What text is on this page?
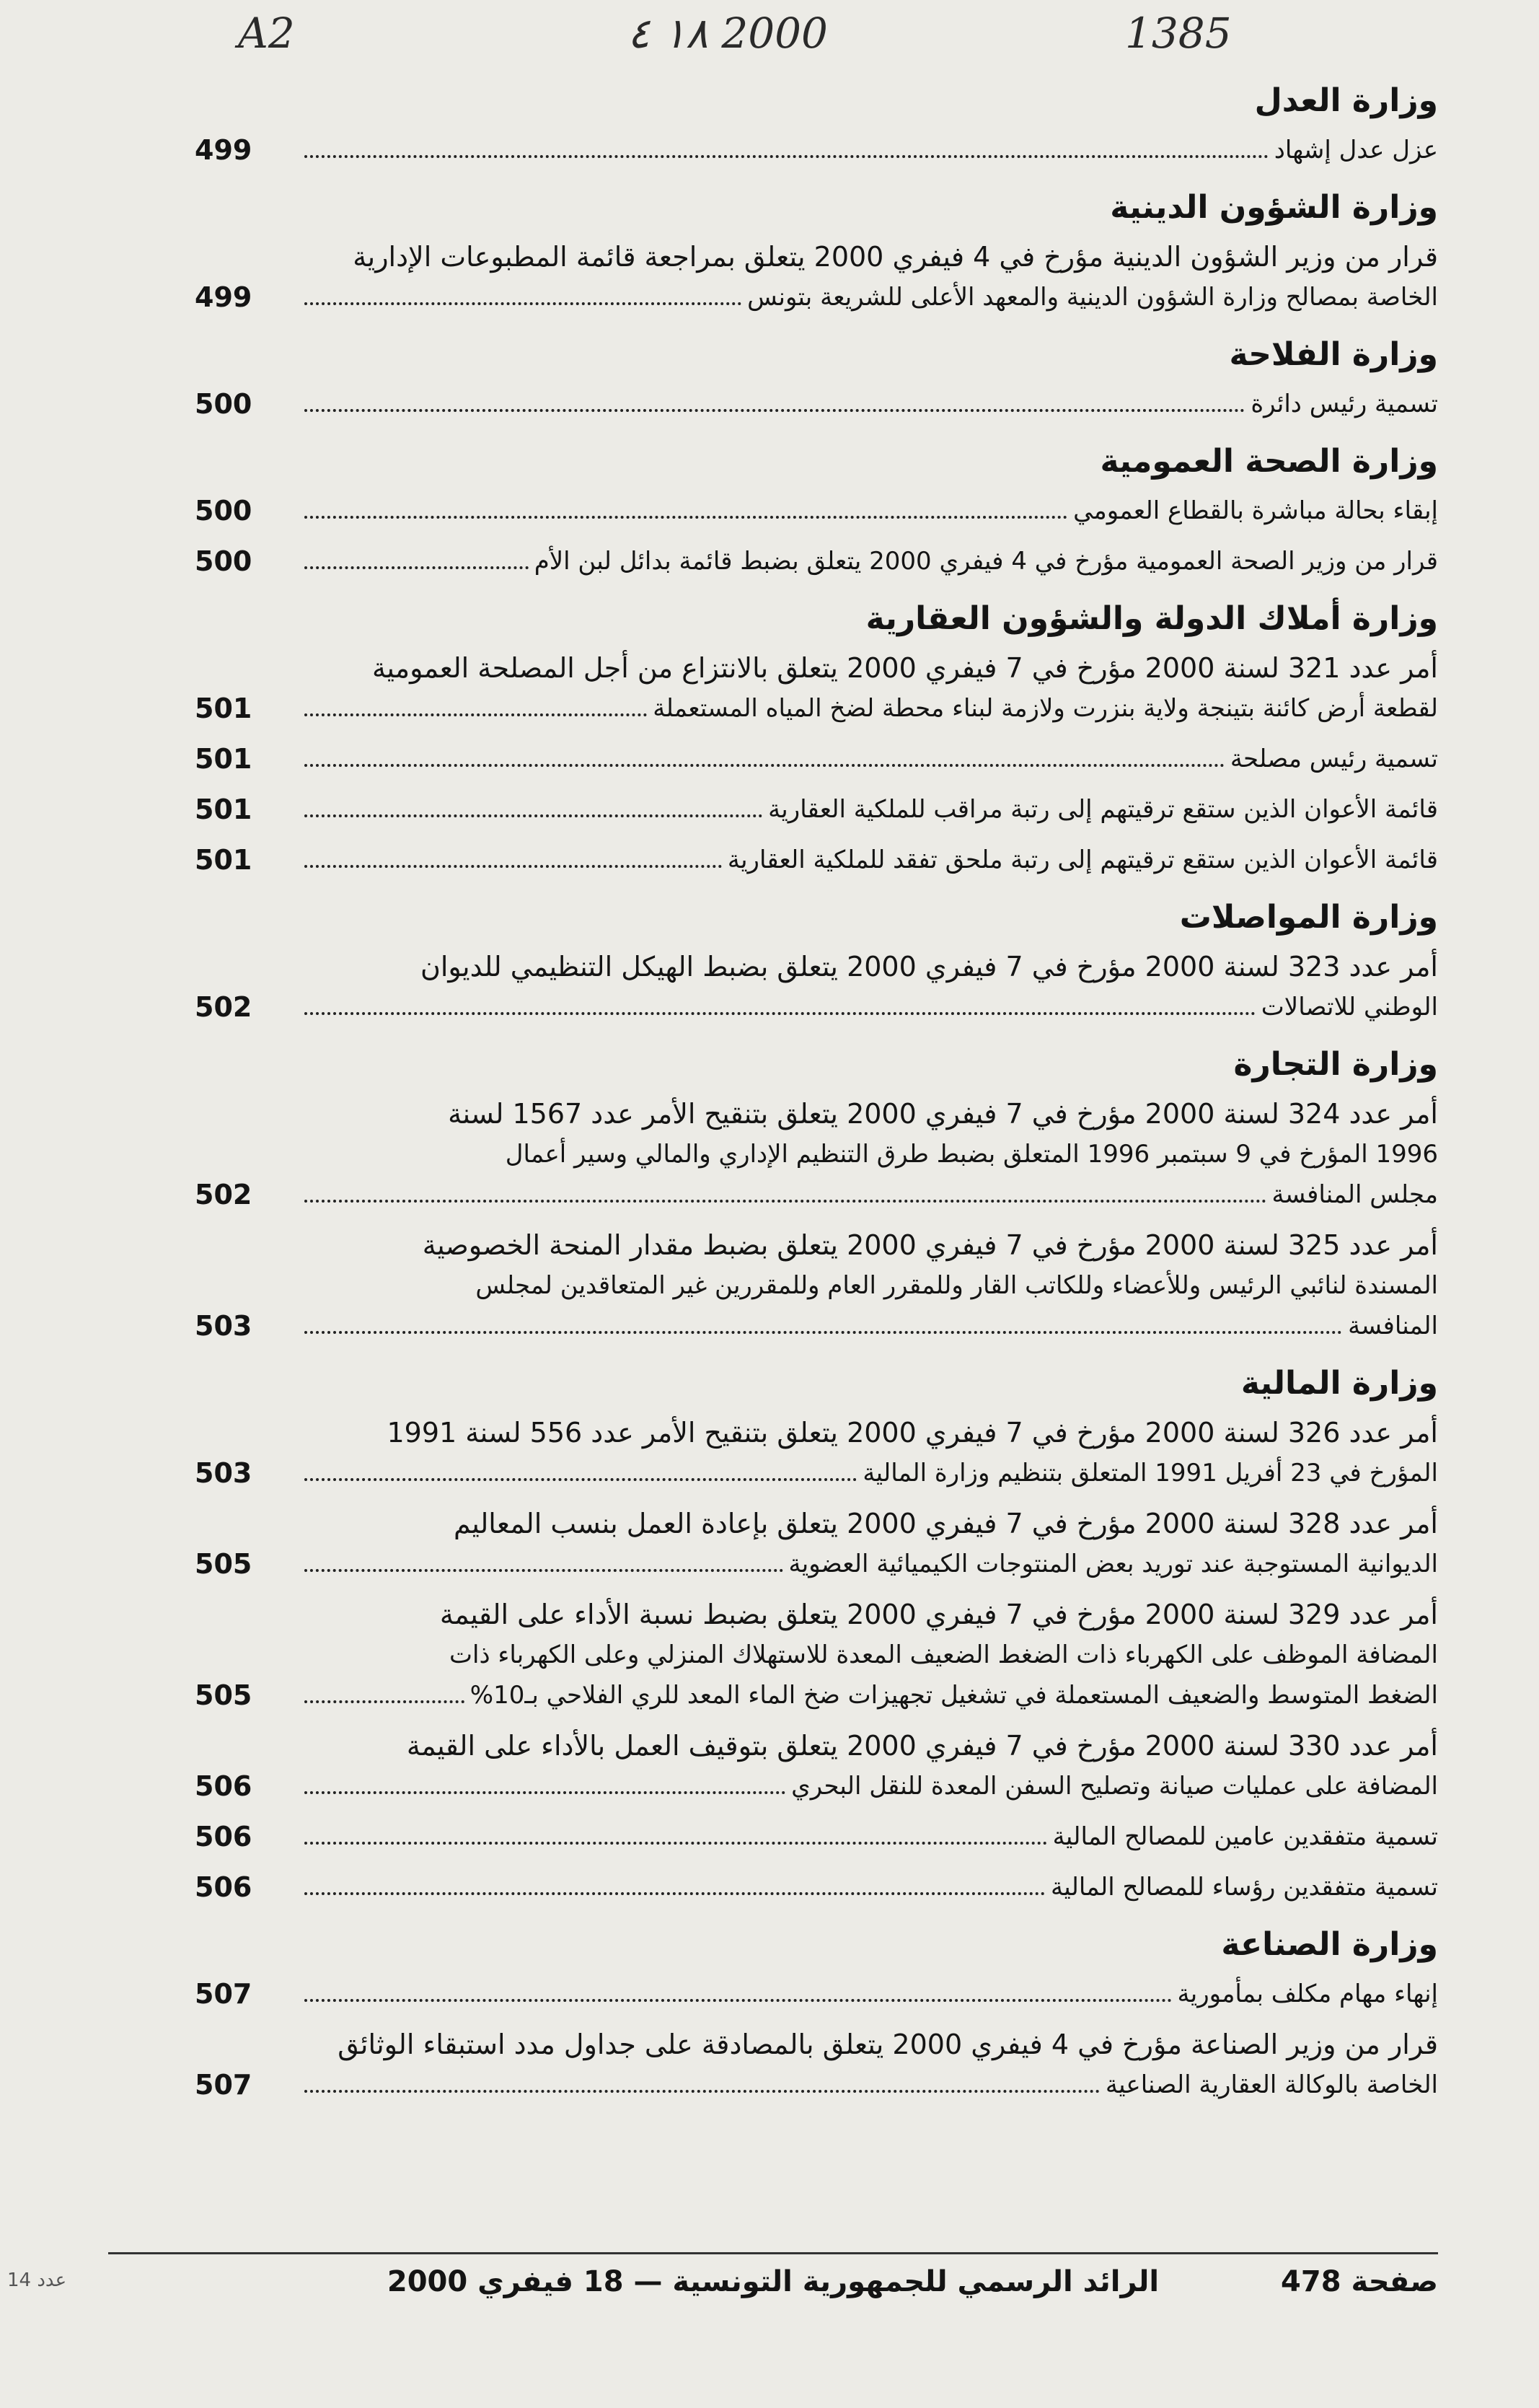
A2	١٨ ٤ 2000	1385
وزارة العدل

عزل عدل إشهاد

499
وزارة الشؤون الدينية

قرار من وزير الشؤون الدينية مؤرخ في 4 فيفري 2000 يتعلق بمراجعة قائمة المطبوعات الإدارية

الخاصة بمصالح وزارة الشؤون الدينية والمعهد الأعلى للشريعة بتونس

499
وزارة الفلاحة

تسمية رئيس دائرة

500
وزارة الصحة العمومية

إبقاء بحالة مباشرة بالقطاع العمومي

500

قرار من وزير الصحة العمومية مؤرخ في 4 فيفري 2000 يتعلق بضبط قائمة بدائل لبن الأم

500
وزارة أملاك الدولة والشؤون العقارية

أمر عدد 321 لسنة 2000 مؤرخ في 7 فيفري 2000 يتعلق بالانتزاع من أجل المصلحة العمومية

لقطعة أرض كائنة بتينجة ولاية بنزرت ولازمة لبناء محطة لضخ المياه المستعملة

501

تسمية رئيس مصلحة

501

قائمة الأعوان الذين ستقع ترقيتهم إلى رتبة مراقب للملكية العقارية

501

قائمة الأعوان الذين ستقع ترقيتهم إلى رتبة ملحق تفقد للملكية العقارية

501
وزارة المواصلات

أمر عدد 323 لسنة 2000 مؤرخ في 7 فيفري 2000 يتعلق بضبط الهيكل التنظيمي للديوان

الوطني للاتصالات

502
وزارة التجارة

أمر عدد 324 لسنة 2000 مؤرخ في 7 فيفري 2000 يتعلق بتنقيح الأمر عدد 1567 لسنة

1996 المؤرخ في 9 سبتمبر 1996 المتعلق بضبط طرق التنظيم الإداري والمالي وسير أعمال

مجلس المنافسة

502

أمر عدد 325 لسنة 2000 مؤرخ في 7 فيفري 2000 يتعلق بضبط مقدار المنحة الخصوصية

المسندة لنائبي الرئيس وللأعضاء وللكاتب القار وللمقرر العام وللمقررين غير المتعاقدين لمجلس

المنافسة

503
وزارة المالية

أمر عدد 326 لسنة 2000 مؤرخ في 7 فيفري 2000 يتعلق بتنقيح الأمر عدد 556 لسنة 1991

المؤرخ في 23 أفريل 1991 المتعلق بتنظيم وزارة المالية

503

أمر عدد 328 لسنة 2000 مؤرخ في 7 فيفري 2000 يتعلق بإعادة العمل بنسب المعاليم

الديوانية المستوجبة عند توريد بعض المنتوجات الكيميائية العضوية

505

أمر عدد 329 لسنة 2000 مؤرخ في 7 فيفري 2000 يتعلق بضبط نسبة الأداء على القيمة

المضافة الموظف على الكهرباء ذات الضغط الضعيف المعدة للاستهلاك المنزلي وعلى الكهرباء ذات

الضغط المتوسط والضعيف المستعملة في تشغيل تجهيزات ضخ الماء المعد للري الفلاحي بـ10%

505

أمر عدد 330 لسنة 2000 مؤرخ في 7 فيفري 2000 يتعلق بتوقيف العمل بالأداء على القيمة

المضافة على عمليات صيانة وتصليح السفن المعدة للنقل البحري

506

تسمية متفقدين عامين للمصالح المالية

506

تسمية متفقدين رؤساء للمصالح المالية

506
وزارة الصناعة

إنهاء مهام مكلف بمأمورية

507

قرار من وزير الصناعة مؤرخ في 4 فيفري 2000 يتعلق بالمصادقة على جداول مدد استبقاء الوثائق

الخاصة بالوكالة العقارية الصناعية

507
صفحة 478
الرائد الرسمي للجمهورية التونسية — 18 فيفري 2000
عدد 14
